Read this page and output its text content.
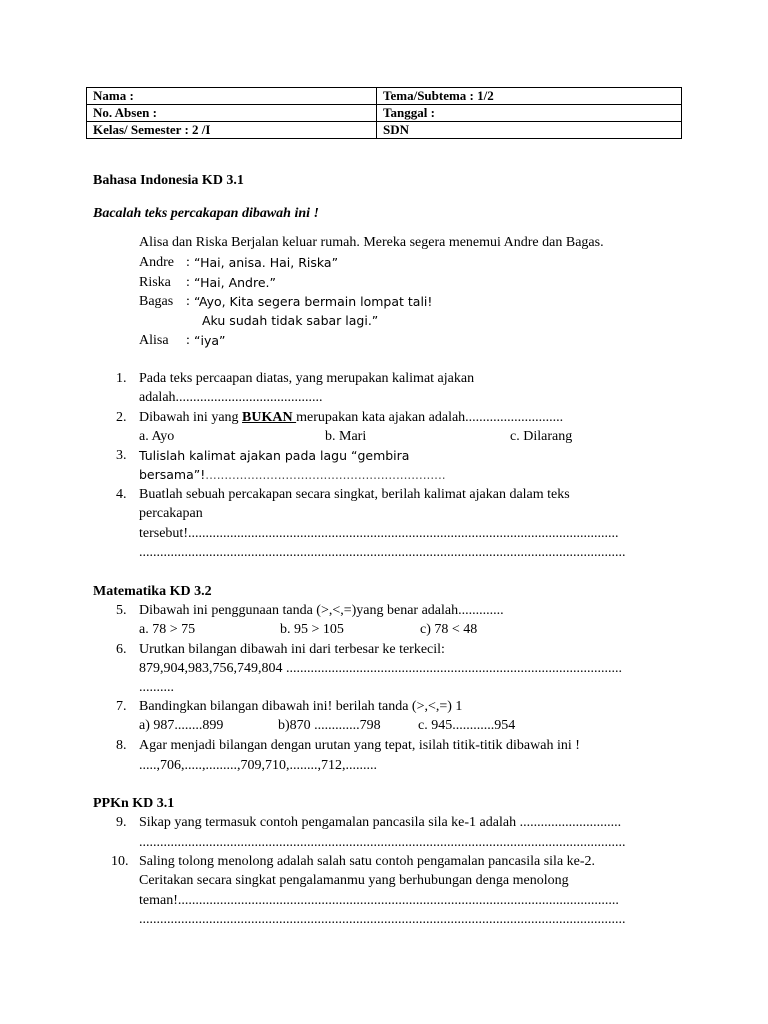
Nama :	Tema/Subtema : 1/2
No. Absen :	Tanggal :
Kelas/ Semester : 2 /I	SDN
Bahasa Indonesia KD 3.1
Bacalah teks percakapan dibawah ini !
Alisa dan Riska Berjalan keluar rumah. Mereka segera menemui Andre dan Bagas.
Andre : “Hai, anisa. Hai, Riska”
Riska : “Hai, Andre.”
Bagas : “Ayo, Kita segera bermain lompat tali!
Aku sudah tidak sabar lagi.”
Alisa : “iya”
1. Pada teks percaapan diatas, yang merupakan kalimat ajakan
adalah..........................................
2. Dibawah ini yang BUKAN merupakan kata ajakan adalah............................
a. Ayo	b. Mari	c. Dilarang
3. Tulislah kalimat ajakan pada lagu “gembira
bersama”!...............................................................
4. Buatlah sebuah percakapan secara singkat, berilah kalimat ajakan dalam teks
percakapan
tersebut!...........................................................................................................................
...........................................................................................................................................
Matematika KD 3.2
5. Dibawah ini penggunaan tanda (>,<,=)yang benar adalah.............
a. 78 > 75	b. 95 > 105	c) 78 < 48
6. Urutkan bilangan dibawah ini dari terbesar ke terkecil:
879,904,983,756,749,804 ................................................................................................
..........
7. Bandingkan bilangan dibawah ini! berilah tanda (>,<,=) 1
a) 987........899	b)870 .............798	c. 945............954
8. Agar menjadi bilangan dengan urutan yang tepat, isilah titik-titik dibawah ini !
.....,706,.....,.........,709,710,........,712,.........
PPKn KD 3.1
9. Sikap yang termasuk contoh pengamalan pancasila sila ke-1 adalah .............................
...........................................................................................................................................
10. Saling tolong menolong adalah salah satu contoh pengamalan pancasila sila ke-2.
Ceritakan secara singkat pengalamanmu yang berhubungan denga menolong
teman!..............................................................................................................................
...........................................................................................................................................
